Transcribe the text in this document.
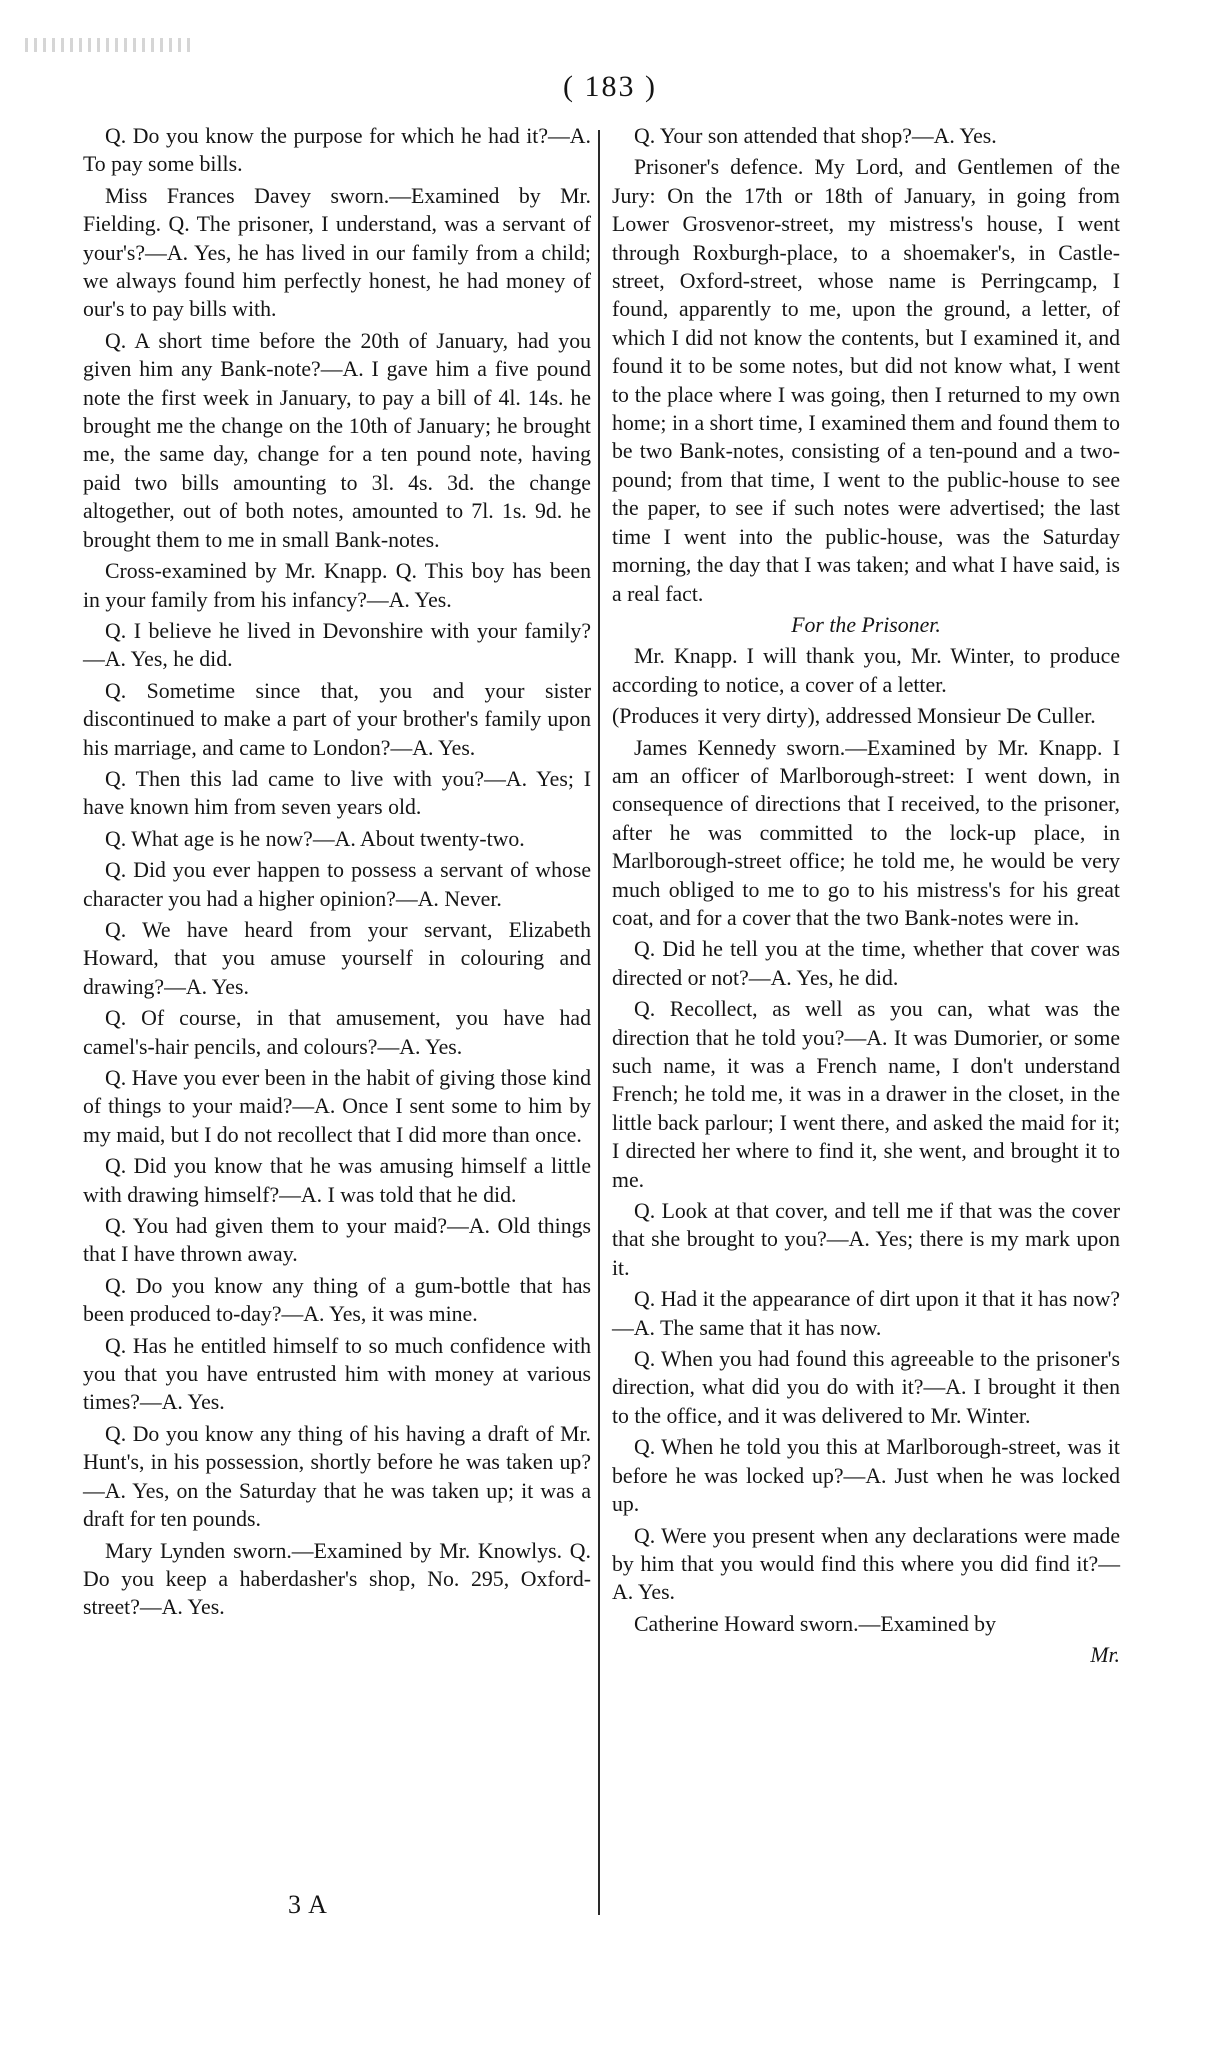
( 183 )

Q. Do you know the purpose for which he had it?—A. To pay some bills.

Miss Frances Davey sworn.—Examined by Mr. Fielding. Q. The prisoner, I understand, was a servant of your's?—A. Yes, he has lived in our family from a child; we always found him perfectly honest, he had money of our's to pay bills with.

Q. A short time before the 20th of January, had you given him any Bank-note?—A. I gave him a five pound note the first week in January, to pay a bill of 4l. 14s. he brought me the change on the 10th of January; he brought me, the same day, change for a ten pound note, having paid two bills amounting to 3l. 4s. 3d. the change altogether, out of both notes, amounted to 7l. 1s. 9d. he brought them to me in small Bank-notes.

Cross-examined by Mr. Knapp. Q. This boy has been in your family from his infancy?—A. Yes.

Q. I believe he lived in Devonshire with your family?—A. Yes, he did.

Q. Sometime since that, you and your sister discontinued to make a part of your brother's family upon his marriage, and came to London?—A. Yes.

Q. Then this lad came to live with you?—A. Yes; I have known him from seven years old.

Q. What age is he now?—A. About twenty-two.

Q. Did you ever happen to possess a servant of whose character you had a higher opinion?—A. Never.

Q. We have heard from your servant, Elizabeth Howard, that you amuse yourself in colouring and drawing?—A. Yes.

Q. Of course, in that amusement, you have had camel's-hair pencils, and colours?—A. Yes.

Q. Have you ever been in the habit of giving those kind of things to your maid?—A. Once I sent some to him by my maid, but I do not recollect that I did more than once.

Q. Did you know that he was amusing himself a little with drawing himself?—A. I was told that he did.

Q. You had given them to your maid?—A. Old things that I have thrown away.

Q. Do you know any thing of a gum-bottle that has been produced to-day?—A. Yes, it was mine.

Q. Has he entitled himself to so much confidence with you that you have entrusted him with money at various times?—A. Yes.

Q. Do you know any thing of his having a draft of Mr. Hunt's, in his possession, shortly before he was taken up?—A. Yes, on the Saturday that he was taken up; it was a draft for ten pounds.

Mary Lynden sworn.—Examined by Mr. Knowlys. Q. Do you keep a haberdasher's shop, No. 295, Oxford-street?—A. Yes.

Q. Your son attended that shop?—A. Yes.

Prisoner's defence. My Lord, and Gentlemen of the Jury: On the 17th or 18th of January, in going from Lower Grosvenor-street, my mistress's house, I went through Roxburgh-place, to a shoemaker's, in Castle-street, Oxford-street, whose name is Perringcamp, I found, apparently to me, upon the ground, a letter, of which I did not know the contents, but I examined it, and found it to be some notes, but did not know what, I went to the place where I was going, then I returned to my own home; in a short time, I examined them and found them to be two Bank-notes, consisting of a ten-pound and a two-pound; from that time, I went to the public-house to see the paper, to see if such notes were advertised; the last time I went into the public-house, was the Saturday morning, the day that I was taken; and what I have said, is a real fact.

For the Prisoner.

Mr. Knapp. I will thank you, Mr. Winter, to produce according to notice, a cover of a letter.

(Produces it very dirty), addressed Monsieur De Culler.

James Kennedy sworn.—Examined by Mr. Knapp. I am an officer of Marlborough-street: I went down, in consequence of directions that I received, to the prisoner, after he was committed to the lock-up place, in Marlborough-street office; he told me, he would be very much obliged to me to go to his mistress's for his great coat, and for a cover that the two Bank-notes were in.

Q. Did he tell you at the time, whether that cover was directed or not?—A. Yes, he did.

Q. Recollect, as well as you can, what was the direction that he told you?—A. It was Dumorier, or some such name, it was a French name, I don't understand French; he told me, it was in a drawer in the closet, in the little back parlour; I went there, and asked the maid for it; I directed her where to find it, she went, and brought it to me.

Q. Look at that cover, and tell me if that was the cover that she brought to you?—A. Yes; there is my mark upon it.

Q. Had it the appearance of dirt upon it that it has now?—A. The same that it has now.

Q. When you had found this agreeable to the prisoner's direction, what did you do with it?—A. I brought it then to the office, and it was delivered to Mr. Winter.

Q. When he told you this at Marlborough-street, was it before he was locked up?—A. Just when he was locked up.

Q. Were you present when any declarations were made by him that you would find this where you did find it?—A. Yes.

Catherine Howard sworn.—Examined by

Mr.

3 A
